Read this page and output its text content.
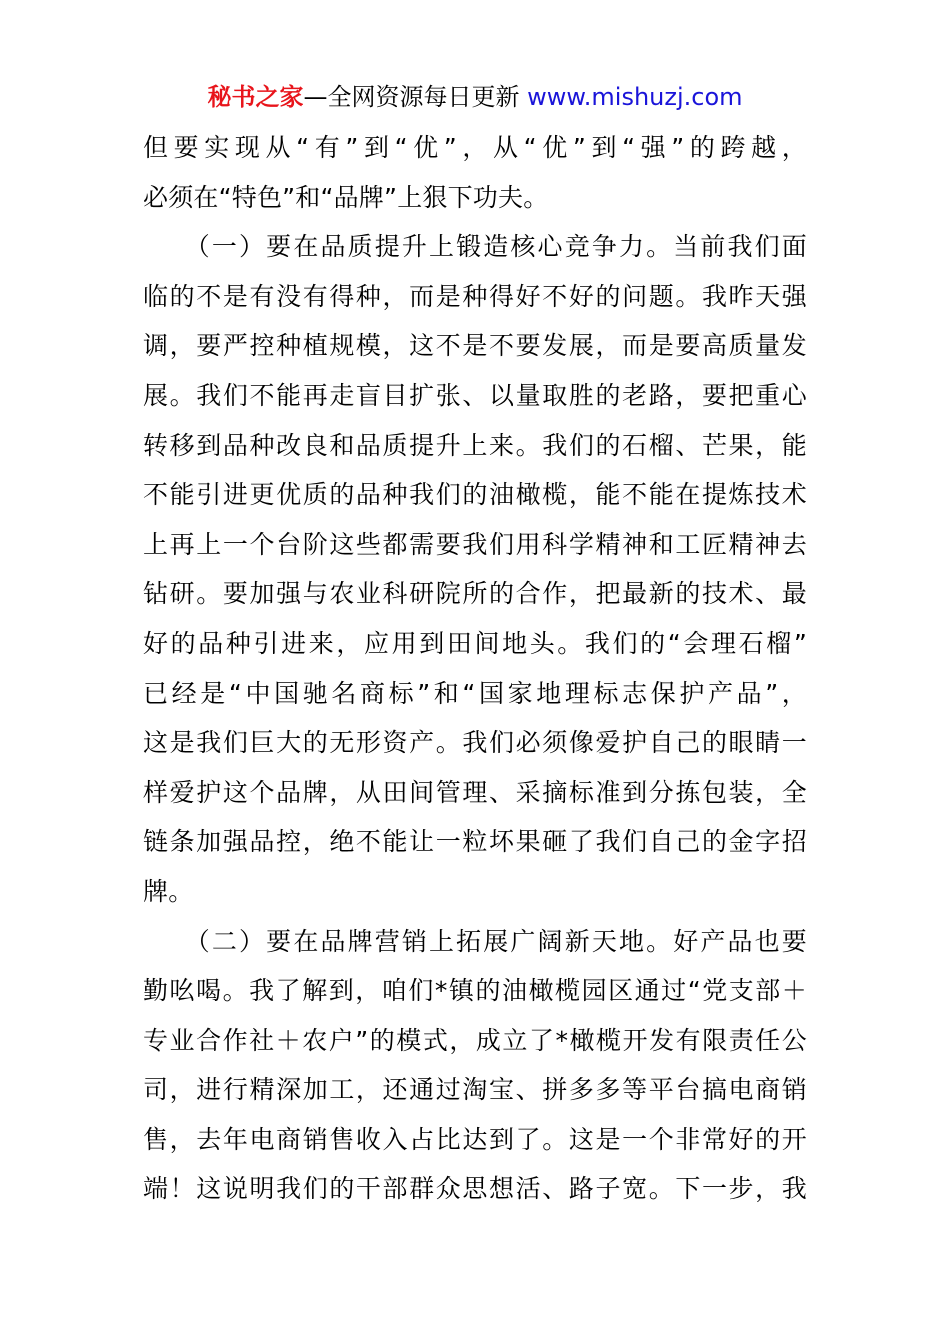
秘书之家—全网资源每日更新 www.mishuzj.com
但要实现从“有”到“优”，从“优”到“强”的跨越，
必须在“特色”和“品牌”上狠下功夫。
　　（一）要在品质提升上锻造核心竞争力。当前我们面
临的不是有没有得种，而是种得好不好的问题。我昨天强
调，要严控种植规模，这不是不要发展，而是要高质量发
展。我们不能再走盲目扩张、以量取胜的老路，要把重心
转移到品种改良和品质提升上来。我们的石榴、芒果，能
不能引进更优质的品种我们的油橄榄，能不能在提炼技术
上再上一个台阶这些都需要我们用科学精神和工匠精神去
钻研。要加强与农业科研院所的合作，把最新的技术、最
好的品种引进来，应用到田间地头。我们的“会理石榴”
已经是“中国驰名商标”和“国家地理标志保护产品”，
这是我们巨大的无形资产。我们必须像爱护自己的眼睛一
样爱护这个品牌，从田间管理、采摘标准到分拣包装，全
链条加强品控，绝不能让一粒坏果砸了我们自己的金字招
牌。
　　（二）要在品牌营销上拓展广阔新天地。好产品也要
勤吆喝。我了解到，咱们*镇的油橄榄园区通过“党支部＋
专业合作社＋农户”的模式，成立了*橄榄开发有限责任公
司，进行精深加工，还通过淘宝、拼多多等平台搞电商销
售，去年电商销售收入占比达到了。这是一个非常好的开
端！这说明我们的干部群众思想活、路子宽。下一步，我
